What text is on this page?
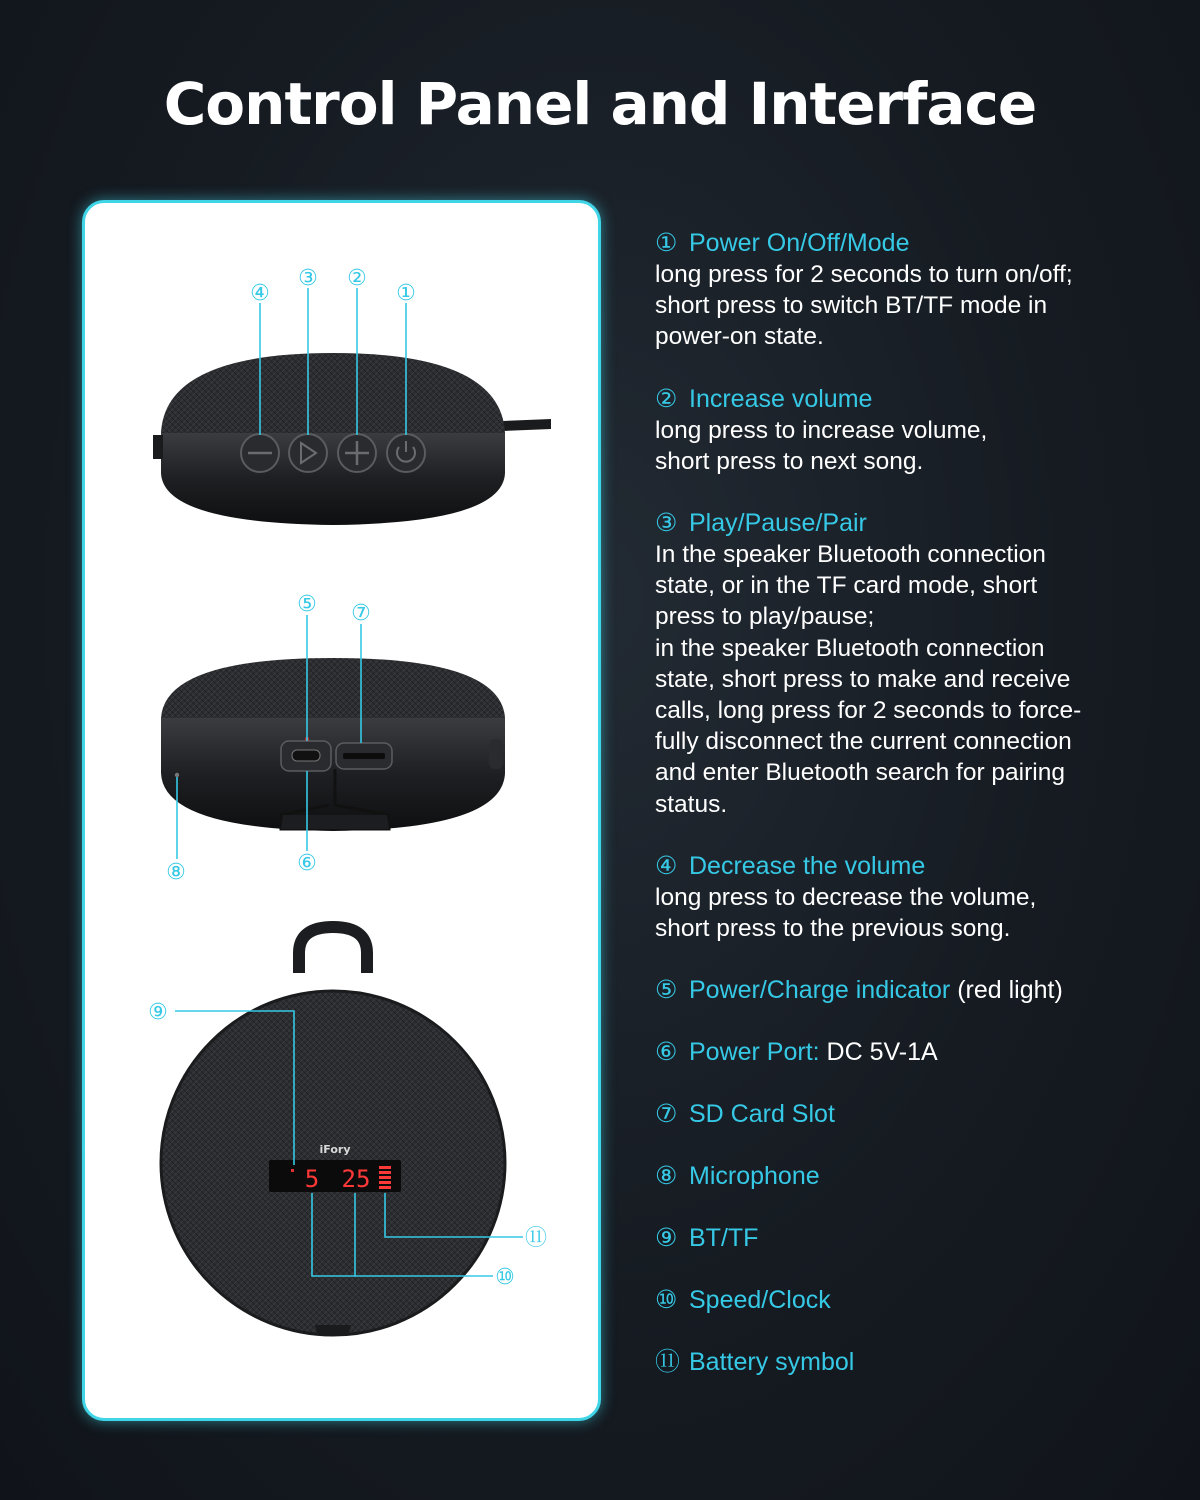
Control Panel and Interface
④
③ ②
①
⑤ ⑦
⑧	⑥
iFory
5 25
⑨
⑪
⑩
① Power On/Off/Mode
long press for 2 seconds to turn on/off;
short press to switch BT/TF mode in
power-on state.
② Increase volume
long press to increase volume,
short press to next song.
③ Play/Pause/Pair
In the speaker Bluetooth connection
state, or in the TF card mode, short
press to play/pause;
in the speaker Bluetooth connection
state, short press to make and receive
calls, long press for 2 seconds to force-
fully disconnect the current connection
and enter Bluetooth search for pairing
status.
④ Decrease the volume
long press to decrease the volume,
short press to the previous song.
⑤ Power/Charge indicator (red light)
⑥ Power Port: DC 5V-1A
⑦ SD Card Slot
⑧ Microphone
⑨ BT/TF
⑩ Speed/Clock
⑪ Battery symbol
